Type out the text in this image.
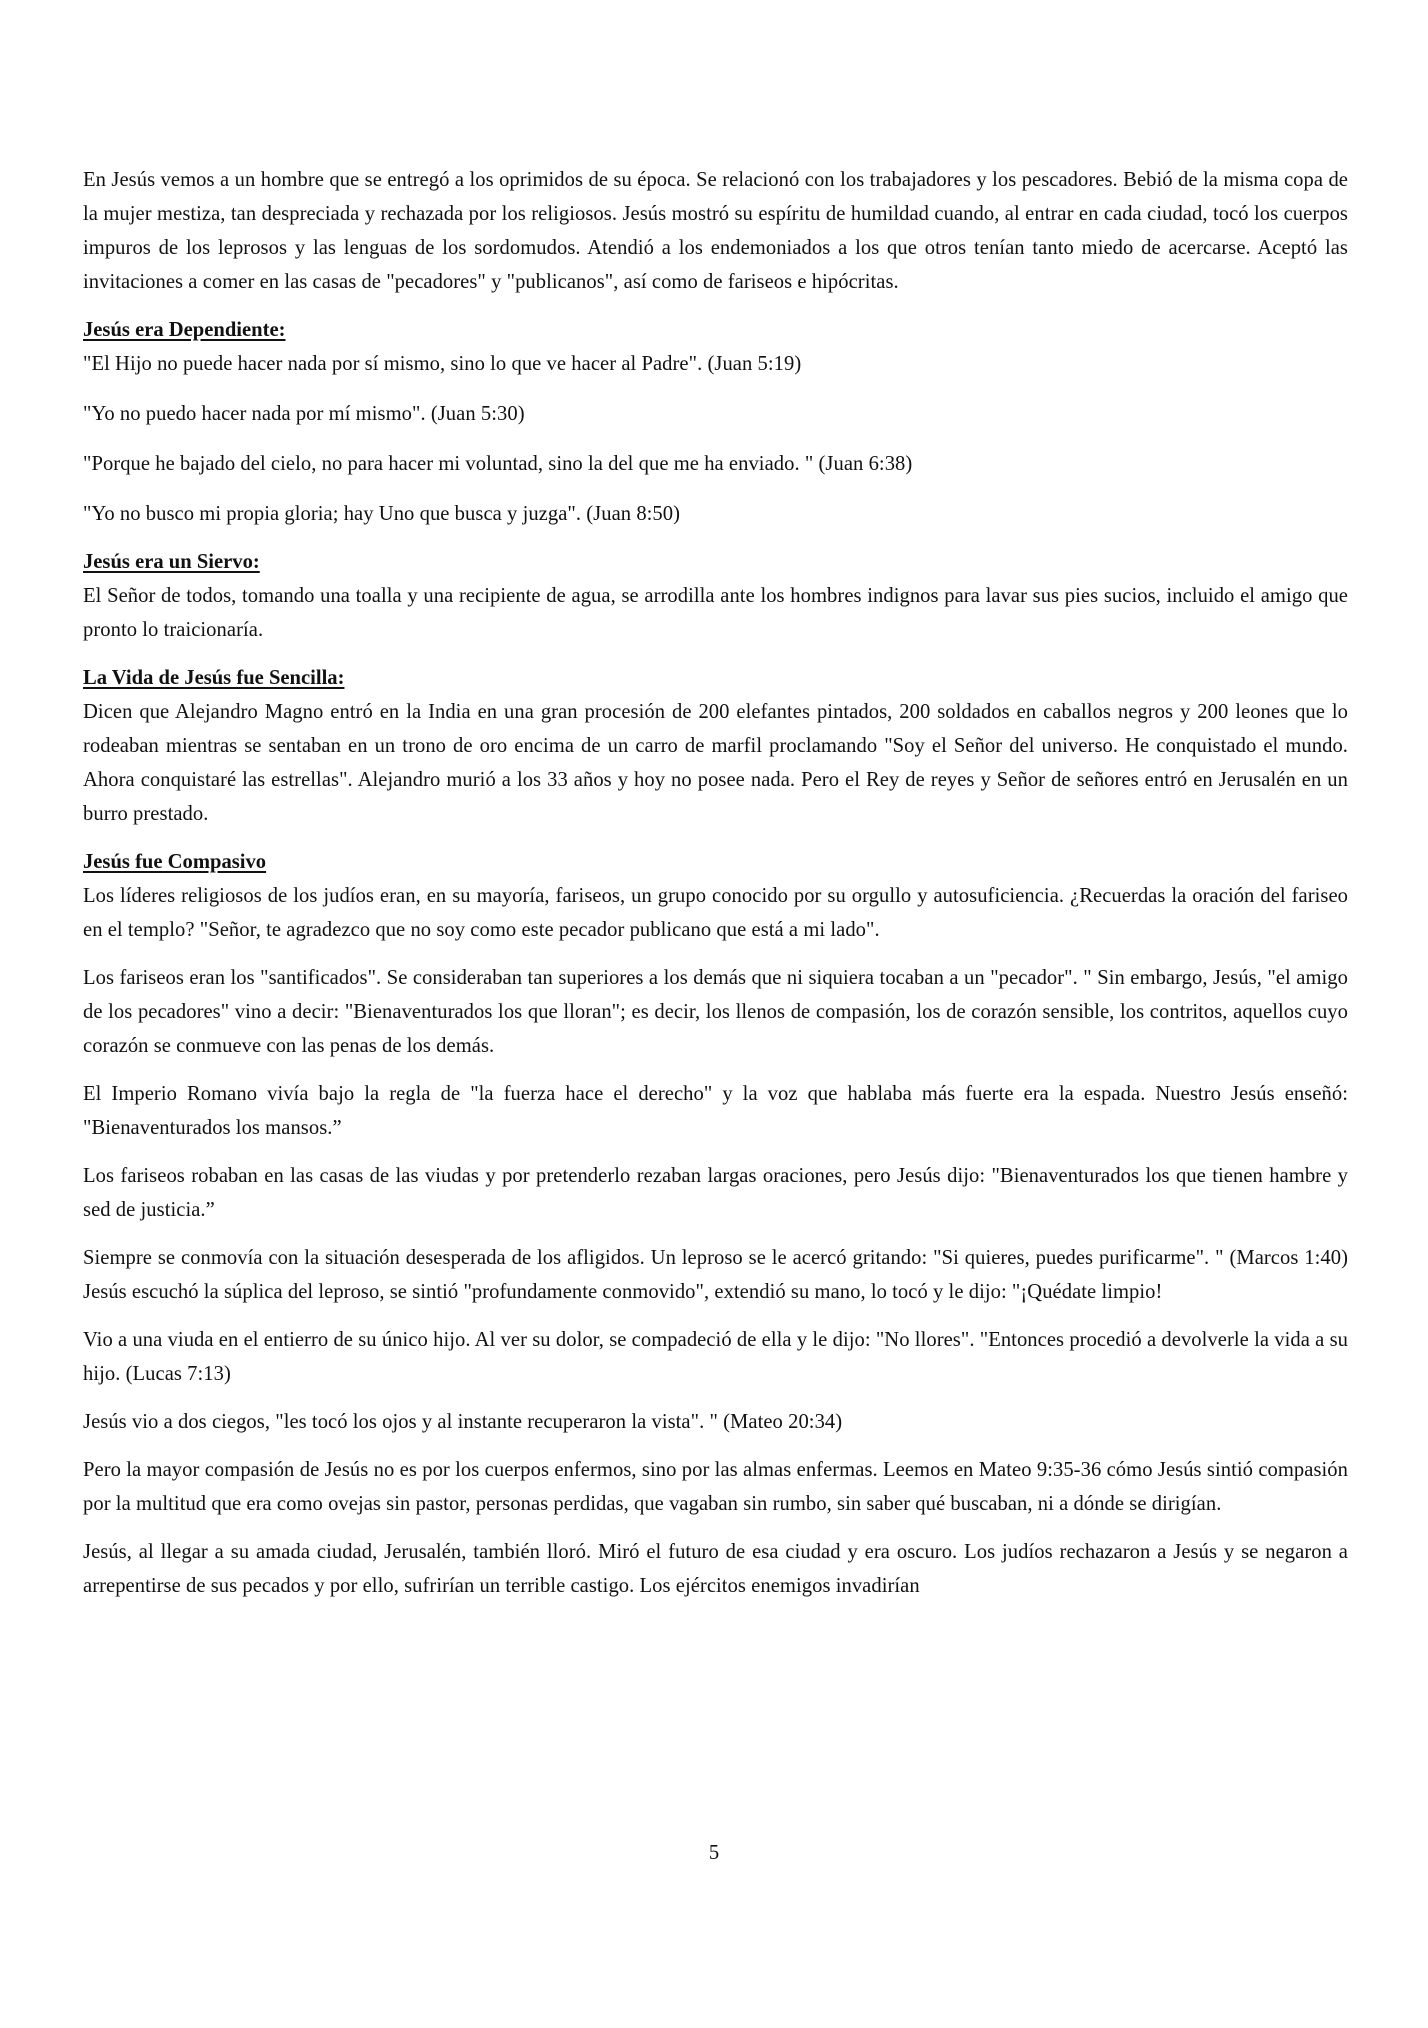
En Jesús vemos a un hombre que se entregó a los oprimidos de su época. Se relacionó con los trabajadores y los pescadores. Bebió de la misma copa de la mujer mestiza, tan despreciada y rechazada por los religiosos. Jesús mostró su espíritu de humildad cuando, al entrar en cada ciudad, tocó los cuerpos impuros de los leprosos y las lenguas de los sordomudos. Atendió a los endemoniados a los que otros tenían tanto miedo de acercarse. Aceptó las invitaciones a comer en las casas de "pecadores" y "publicanos", así como de fariseos e hipócritas.

Jesús era Dependiente:

"El Hijo no puede hacer nada por sí mismo, sino lo que ve hacer al Padre". (Juan 5:19)

"Yo no puedo hacer nada por mí mismo". (Juan 5:30)

"Porque he bajado del cielo, no para hacer mi voluntad, sino la del que me ha enviado. " (Juan 6:38)

"Yo no busco mi propia gloria; hay Uno que busca y juzga". (Juan 8:50)

Jesús era un Siervo:

El Señor de todos, tomando una toalla y una recipiente de agua, se arrodilla ante los hombres indignos para lavar sus pies sucios, incluido el amigo que pronto lo traicionaría.

La Vida de Jesús fue Sencilla:

Dicen que Alejandro Magno entró en la India en una gran procesión de 200 elefantes pintados, 200 soldados en caballos negros y 200 leones que lo rodeaban mientras se sentaban en un trono de oro encima de un carro de marfil proclamando "Soy el Señor del universo. He conquistado el mundo. Ahora conquistaré las estrellas". Alejandro murió a los 33 años y hoy no posee nada. Pero el Rey de reyes y Señor de señores entró en Jerusalén en un burro prestado.

Jesús fue Compasivo

Los líderes religiosos de los judíos eran, en su mayoría, fariseos, un grupo conocido por su orgullo y autosuficiencia. ¿Recuerdas la oración del fariseo en el templo? "Señor, te agradezco que no soy como este pecador publicano que está a mi lado".

Los fariseos eran los "santificados". Se consideraban tan superiores a los demás que ni siquiera tocaban a un "pecador". " Sin embargo, Jesús, "el amigo de los pecadores" vino a decir: "Bienaventurados los que lloran"; es decir, los llenos de compasión, los de corazón sensible, los contritos, aquellos cuyo corazón se conmueve con las penas de los demás.

El Imperio Romano vivía bajo la regla de "la fuerza hace el derecho" y la voz que hablaba más fuerte era la espada. Nuestro Jesús enseñó: "Bienaventurados los mansos.”

Los fariseos robaban en las casas de las viudas y por pretenderlo rezaban largas oraciones, pero Jesús dijo: "Bienaventurados los que tienen hambre y sed de justicia.”

Siempre se conmovía con la situación desesperada de los afligidos. Un leproso se le acercó gritando: "Si quieres, puedes purificarme". " (Marcos 1:40) Jesús escuchó la súplica del leproso, se sintió "profundamente conmovido", extendió su mano, lo tocó y le dijo: "¡Quédate limpio!

Vio a una viuda en el entierro de su único hijo. Al ver su dolor, se compadeció de ella y le dijo: "No llores". "Entonces procedió a devolverle la vida a su hijo. (Lucas 7:13)

Jesús vio a dos ciegos, "les tocó los ojos y al instante recuperaron la vista". " (Mateo 20:34)

Pero la mayor compasión de Jesús no es por los cuerpos enfermos, sino por las almas enfermas. Leemos en Mateo 9:35-36 cómo Jesús sintió compasión por la multitud que era como ovejas sin pastor, personas perdidas, que vagaban sin rumbo, sin saber qué buscaban, ni a dónde se dirigían.

Jesús, al llegar a su amada ciudad, Jerusalén, también lloró. Miró el futuro de esa ciudad y era oscuro. Los judíos rechazaron a Jesús y se negaron a arrepentirse de sus pecados y por ello, sufrirían un terrible castigo. Los ejércitos enemigos invadirían

5
